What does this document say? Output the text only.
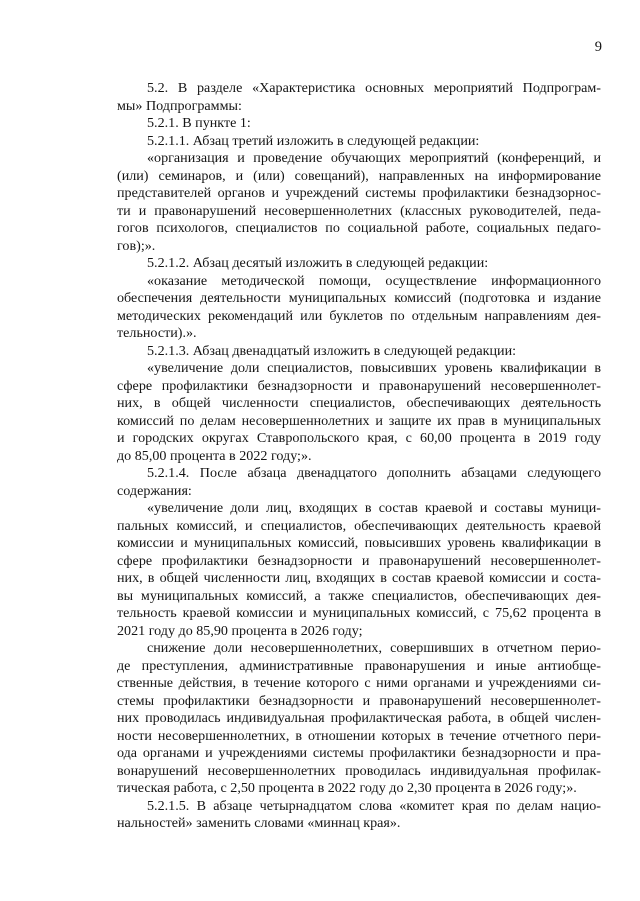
9
5.2. В разделе «Характеристика основных мероприятий Подпрограм-
мы» Подпрограммы:
5.2.1. В пункте 1:
5.2.1.1. Абзац третий изложить в следующей редакции:
«организация и проведение обучающих мероприятий (конференций, и
(или) семинаров, и (или) совещаний), направленных на информирование
представителей органов и учреждений системы профилактики безнадзорнос-
ти и правонарушений несовершеннолетних (классных руководителей, педа-
гогов психологов, специалистов по социальной работе, социальных педаго-
гов);».
5.2.1.2. Абзац десятый изложить в следующей редакции:
«оказание методической помощи, осуществление информационного
обеспечения деятельности муниципальных комиссий (подготовка и издание
методических рекомендаций или буклетов по отдельным направлениям дея-
тельности).».
5.2.1.3. Абзац двенадцатый изложить в следующей редакции:
«увеличение доли специалистов, повысивших уровень квалификации в
сфере профилактики безнадзорности и правонарушений несовершеннолет-
них, в общей численности специалистов, обеспечивающих деятельность
комиссий по делам несовершеннолетних и защите их прав в муниципальных
и городских округах Ставропольского края, с 60,00 процента в 2019 году
до 85,00 процента в 2022 году;».
5.2.1.4. После абзаца двенадцатого дополнить абзацами следующего
содержания:
«увеличение доли лиц, входящих в состав краевой и составы муници-
пальных комиссий, и специалистов, обеспечивающих деятельность краевой
комиссии и муниципальных комиссий, повысивших уровень квалификации в
сфере профилактики безнадзорности и правонарушений несовершеннолет-
них, в общей численности лиц, входящих в состав краевой комиссии и соста-
вы муниципальных комиссий, а также специалистов, обеспечивающих дея-
тельность краевой комиссии и муниципальных комиссий, с 75,62 процента в
2021 году до 85,90 процента в 2026 году;
снижение доли несовершеннолетних, совершивших в отчетном перио-
де преступления, административные правонарушения и иные антиобще-
ственные действия, в течение которого с ними органами и учреждениями си-
стемы профилактики безнадзорности и правонарушений несовершеннолет-
них проводилась индивидуальная профилактическая работа, в общей числен-
ности несовершеннолетних, в отношении которых в течение отчетного пери-
ода органами и учреждениями системы профилактики безнадзорности и пра-
вонарушений несовершеннолетних проводилась индивидуальная профилак-
тическая работа, с 2,50 процента в 2022 году до 2,30 процента в 2026 году;».
5.2.1.5. В абзаце четырнадцатом слова «комитет края по делам нацио-
нальностей» заменить словами «миннац края».
